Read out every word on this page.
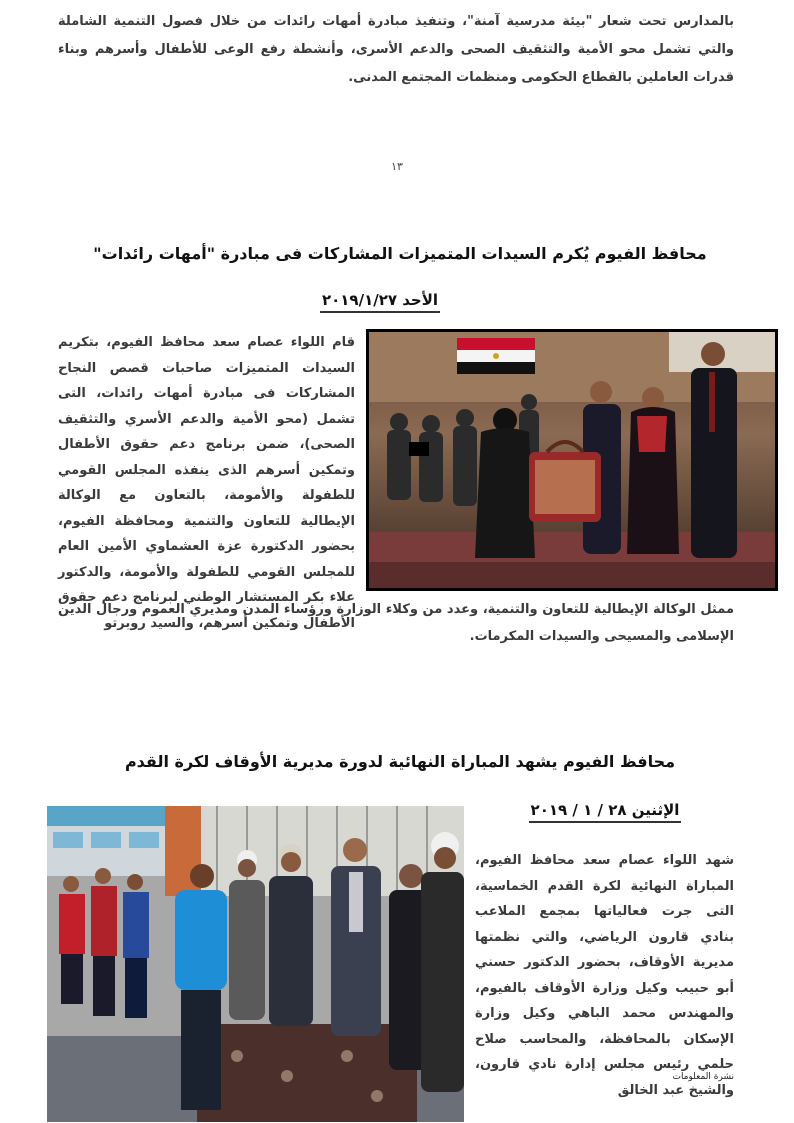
بالمدارس تحت شعار "بيئة مدرسية آمنة"، وتنفيذ مبادرة أمهات رائدات من خلال فصول التنمية الشاملة والتي تشمل محو الأمية والتثقيف الصحى والدعم الأسرى، وأنشطة رفع الوعى للأطفال وأسرهم وبناء قدرات العاملين بالقطاع الحكومى ومنظمات المجتمع المدنى.
١٣
محافظ الفيوم يُكرم السيدات المتميزات المشاركات فى مبادرة "أمهات رائدات"
الأحد ٢٠١٩/١/٢٧
قام اللواء عصام سعد محافظ الفيوم، بتكريم السيدات المتميزات صاحبات قصص النجاح المشاركات فى مبادرة أمهات رائدات، التى تشمل (محو الأمية والدعم الأسري والتثقيف الصحى)، ضمن برنامج دعم حقوق الأطفال وتمكين أسرهم الذى ينفذه المجلس القومي للطفولة والأمومة، بالتعاون مع الوكالة الإيطالية للتعاون والتنمية ومحافظة الفيوم، بحضور الدكتورة عزة العشماوي الأمين العام للمجلس القومي للطفولة والأمومة، والدكتور علاء بكر المستشار الوطني لبرنامج دعم حقوق الأطفال وتمكين أسرهم، والسيد روبرتو
ممثل الوكالة الإيطالية للتعاون والتنمية، وعدد من وكلاء الوزارة ورؤساء المدن ومديري العموم ورجال الدين الإسلامى والمسيحى والسيدات المكرمات.
محافظ الفيوم يشهد المباراة النهائية لدورة مديرية الأوقاف لكرة القدم
الإثنين ٢٨ / ١ / ٢٠١٩
شهد اللواء عصام سعد محافظ الفيوم، المباراة النهائية لكرة القدم الخماسية، التى جرت فعالياتها بمجمع الملاعب بنادي قارون الرياضي، والتي نظمتها مديرية الأوقاف، بحضور الدكتور حسني أبو حبيب وكيل وزارة الأوقاف بالفيوم، والمهندس محمد الباهي وكيل وزارة الإسكان بالمحافظة، والمحاسب صلاح حلمي رئيس مجلس إدارة نادي قارون، والشيخ عبد الخالق
نشرة المعلومات
